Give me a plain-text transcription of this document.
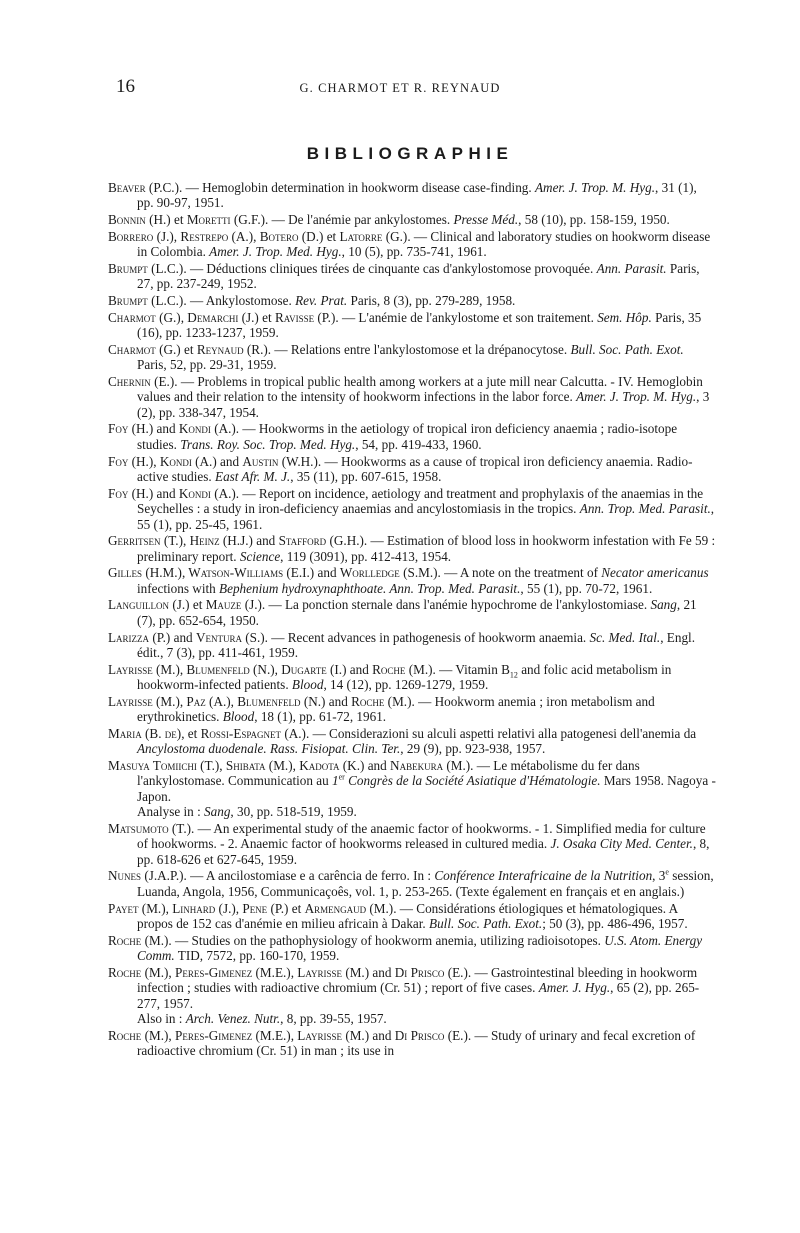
16	G. CHARMOT ET R. REYNAUD
BIBLIOGRAPHIE

Beaver (P.C.). — Hemoglobin determination in hookworm disease case-finding. Amer. J. Trop. M. Hyg., 31 (1), pp. 90-97, 1951.

Bonnin (H.) et Moretti (G.F.). — De l'anémie par ankylostomes. Presse Méd., 58 (10), pp. 158-159, 1950.

Borrero (J.), Restrepo (A.), Botero (D.) et Latorre (G.). — Clinical and laboratory studies on hookworm disease in Colombia. Amer. J. Trop. Med. Hyg., 10 (5), pp. 735-741, 1961.

Brumpt (L.C.). — Déductions cliniques tirées de cinquante cas d'ankylostomose provoquée. Ann. Parasit. Paris, 27, pp. 237-249, 1952.

Brumpt (L.C.). — Ankylostomose. Rev. Prat. Paris, 8 (3), pp. 279-289, 1958.

Charmot (G.), Demarchi (J.) et Ravisse (P.). — L'anémie de l'ankylostome et son traitement. Sem. Hôp. Paris, 35 (16), pp. 1233-1237, 1959.

Charmot (G.) et Reynaud (R.). — Relations entre l'ankylostomose et la drépanocytose. Bull. Soc. Path. Exot. Paris, 52, pp. 29-31, 1959.

Chernin (E.). — Problems in tropical public health among workers at a jute mill near Calcutta. - IV. Hemoglobin values and their relation to the intensity of hookworm infections in the labor force. Amer. J. Trop. M. Hyg., 3 (2), pp. 338-347, 1954.

Foy (H.) and Kondi (A.). — Hookworms in the aetiology of tropical iron deficiency anaemia ; radio-isotope studies. Trans. Roy. Soc. Trop. Med. Hyg., 54, pp. 419-433, 1960.

Foy (H.), Kondi (A.) and Austin (W.H.). — Hookworms as a cause of tropical iron deficiency anaemia. Radio-active studies. East Afr. M. J., 35 (11), pp. 607-615, 1958.

Foy (H.) and Kondi (A.). — Report on incidence, aetiology and treatment and prophylaxis of the anaemias in the Seychelles : a study in iron-deficiency anaemias and ancylostomiasis in the tropics. Ann. Trop. Med. Parasit., 55 (1), pp. 25-45, 1961.

Gerritsen (T.), Heinz (H.J.) and Stafford (G.H.). — Estimation of blood loss in hookworm infestation with Fe 59 : preliminary report. Science, 119 (3091), pp. 412-413, 1954.

Gilles (H.M.), Watson-Williams (E.I.) and Worlledge (S.M.). — A note on the treatment of Necator americanus infections with Bephenium hydroxynaphthoate. Ann. Trop. Med. Parasit., 55 (1), pp. 70-72, 1961.

Languillon (J.) et Mauze (J.). — La ponction sternale dans l'anémie hypochrome de l'ankylostomiase. Sang, 21 (7), pp. 652-654, 1950.

Larizza (P.) and Ventura (S.). — Recent advances in pathogenesis of hookworm anaemia. Sc. Med. Ital., Engl. édit., 7 (3), pp. 411-461, 1959.

Layrisse (M.), Blumenfeld (N.), Dugarte (I.) and Roche (M.). — Vitamin $B_{12}$ and folic acid metabolism in hookworm-infected patients. Blood, 14 (12), pp. 1269-1279, 1959.

Layrisse (M.), Paz (A.), Blumenfeld (N.) and Roche (M.). — Hookworm anemia ; iron metabolism and erythrokinetics. Blood, 18 (1), pp. 61-72, 1961.

Maria (B. de), et Rossi-Espagnet (A.). — Considerazioni su alculi aspetti relativi alla patogenesi dell'anemia da Ancylostoma duodenale. Rass. Fisiopat. Clin. Ter., 29 (9), pp. 923-938, 1957.

Masuya Tomiichi (T.), Shibata (M.), Kadota (K.) and Nabekura (M.). — Le métabolisme du fer dans l'ankylostomase. Communication au 1er Congrès de la Société Asiatique d'Hématologie. Mars 1958. Nagoya - Japon.
Analyse in : Sang, 30, pp. 518-519, 1959.

Matsumoto (T.). — An experimental study of the anaemic factor of hookworms. - 1. Simplified media for culture of hookworms. - 2. Anaemic factor of hookworms released in cultured media. J. Osaka City Med. Center., 8, pp. 618-626 et 627-645, 1959.

Nunes (J.A.P.). — A ancilostomiase e a carência de ferro. In : Conférence Interafricaine de la Nutrition, 3e session, Luanda, Angola, 1956, Communicaçoês, vol. 1, p. 253-265. (Texte également en français et en anglais.)

Payet (M.), Linhard (J.), Pene (P.) et Armengaud (M.). — Considérations étiologiques et hématologiques. A propos de 152 cas d'anémie en milieu africain à Dakar. Bull. Soc. Path. Exot.; 50 (3), pp. 486-496, 1957.

Roche (M.). — Studies on the pathophysiology of hookworm anemia, utilizing radioisotopes. U.S. Atom. Energy Comm. TID, 7572, pp. 160-170, 1959.

Roche (M.), Peres-Gimenez (M.E.), Layrisse (M.) and Di Prisco (E.). — Gastrointestinal bleeding in hookworm infection ; studies with radioactive chromium (Cr. 51) ; report of five cases. Amer. J. Hyg., 65 (2), pp. 265-277, 1957.
Also in : Arch. Venez. Nutr., 8, pp. 39-55, 1957.

Roche (M.), Peres-Gimenez (M.E.), Layrisse (M.) and Di Prisco (E.). — Study of urinary and fecal excretion of radioactive chromium (Cr. 51) in man ; its use in
